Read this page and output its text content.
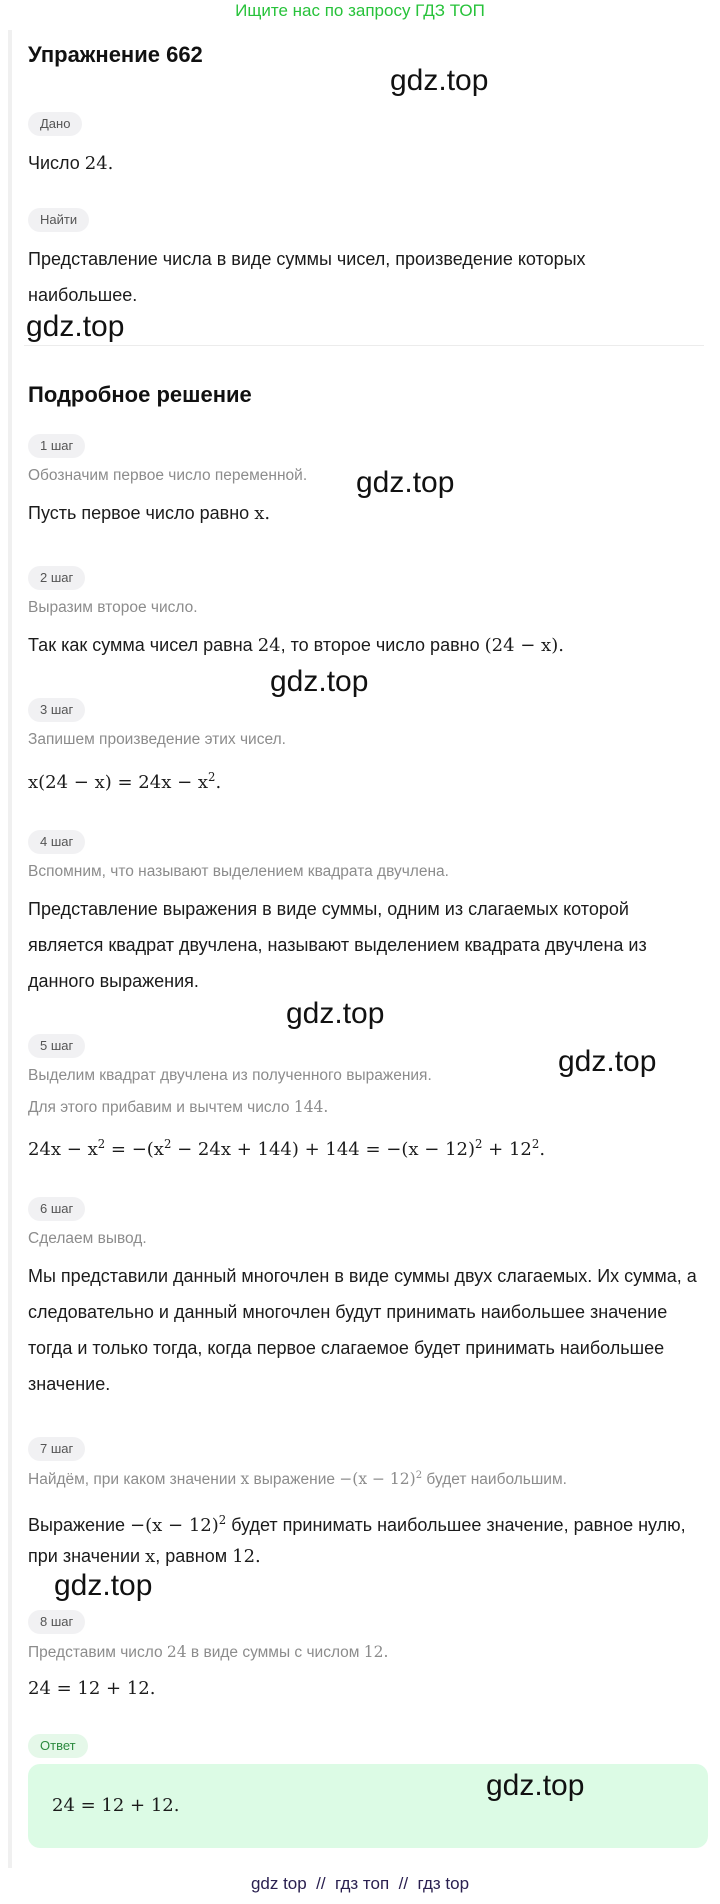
Ищите нас по запросу ГДЗ ТОП
Упражнение 662
gdz.top
Дано
Число 24.
Найти
Представление числа в виде суммы чисел, произведение которых
наибольшее.
gdz.top
Подробное решение
1 шаг
Обозначим первое число переменной. gdz.top
Пусть первое число равно x.
2 шаг
Выразим второе число.
Так как сумма чисел равна 24, то второе число равно (24 − x).
gdz.top
3 шаг
Запишем произведение этих чисел.
$x(24 - x) = 24x - x^2$.
4 шаг
Вспомним, что называют выделением квадрата двучлена.
Представление выражения в виде суммы, одним из слагаемых которой
является квадрат двучлена, называют выделением квадрата двучлена из
данного выражения.
gdz.top
5 шаг
Выделим квадрат двучлена из полученного выражения.	gdz.top
Для этого прибавим и вычтем число 144.
$24x - x^2 = -(x^2 - 24x + 144) + 144 = -(x - 12)^2 + 12^2$.
6 шаг
Сделаем вывод.
Мы представили данный многочлен в виде суммы двух слагаемых. Их сумма, а
следовательно и данный многочлен будут принимать наибольшее значение
тогда и только тогда, когда первое слагаемое будет принимать наибольшее
значение.
7 шаг
Найдём, при каком значении x выражение $-(x - 12)^2$ будет наибольшим.
Выражение $-(x - 12)^2$ будет принимать наибольшее значение, равное нулю,
при значении x, равном 12.
gdz.top
8 шаг
Представим число 24 в виде суммы с числом 12.
24 = 12 + 12.
Ответ
24 = 12 + 12.
gdz.top
gdz top  //  гдз топ  //  гдз top
